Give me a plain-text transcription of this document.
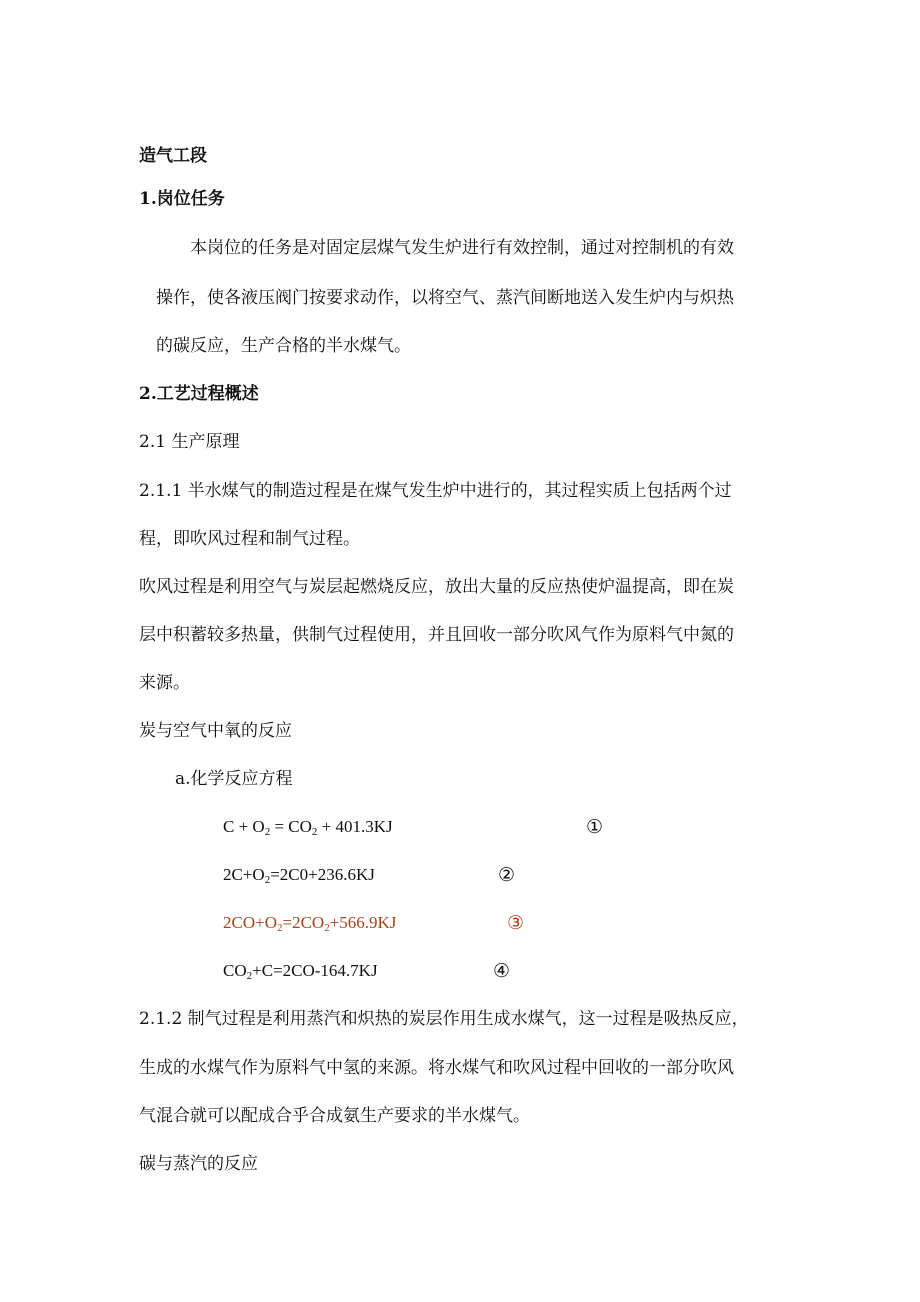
造气工段
1.岗位任务
本岗位的任务是对固定层煤气发生炉进行有效控制，通过对控制机的有效
操作，使各液压阀门按要求动作，以将空气、蒸汽间断地送入发生炉内与炽热
的碳反应，生产合格的半水煤气。
2.工艺过程概述
2.1 生产原理
2.1.1 半水煤气的制造过程是在煤气发生炉中进行的，其过程实质上包括两个过
程，即吹风过程和制气过程。
吹风过程是利用空气与炭层起燃烧反应，放出大量的反应热使炉温提高，即在炭
层中积蓄较多热量，供制气过程使用，并且回收一部分吹风气作为原料气中氮的
来源。
炭与空气中氧的反应
a.化学反应方程
$C + O_2 = CO_2 + 401.3KJ$	①
$2C+O_2=2C0+236.6KJ$	②
$2CO+O_2=2CO_2+566.9KJ$	③
$CO_2+C=2CO-164.7KJ$	④
2.1.2 制气过程是利用蒸汽和炽热的炭层作用生成水煤气，这一过程是吸热反应，
生成的水煤气作为原料气中氢的来源。将水煤气和吹风过程中回收的一部分吹风
气混合就可以配成合乎合成氨生产要求的半水煤气。
碳与蒸汽的反应
